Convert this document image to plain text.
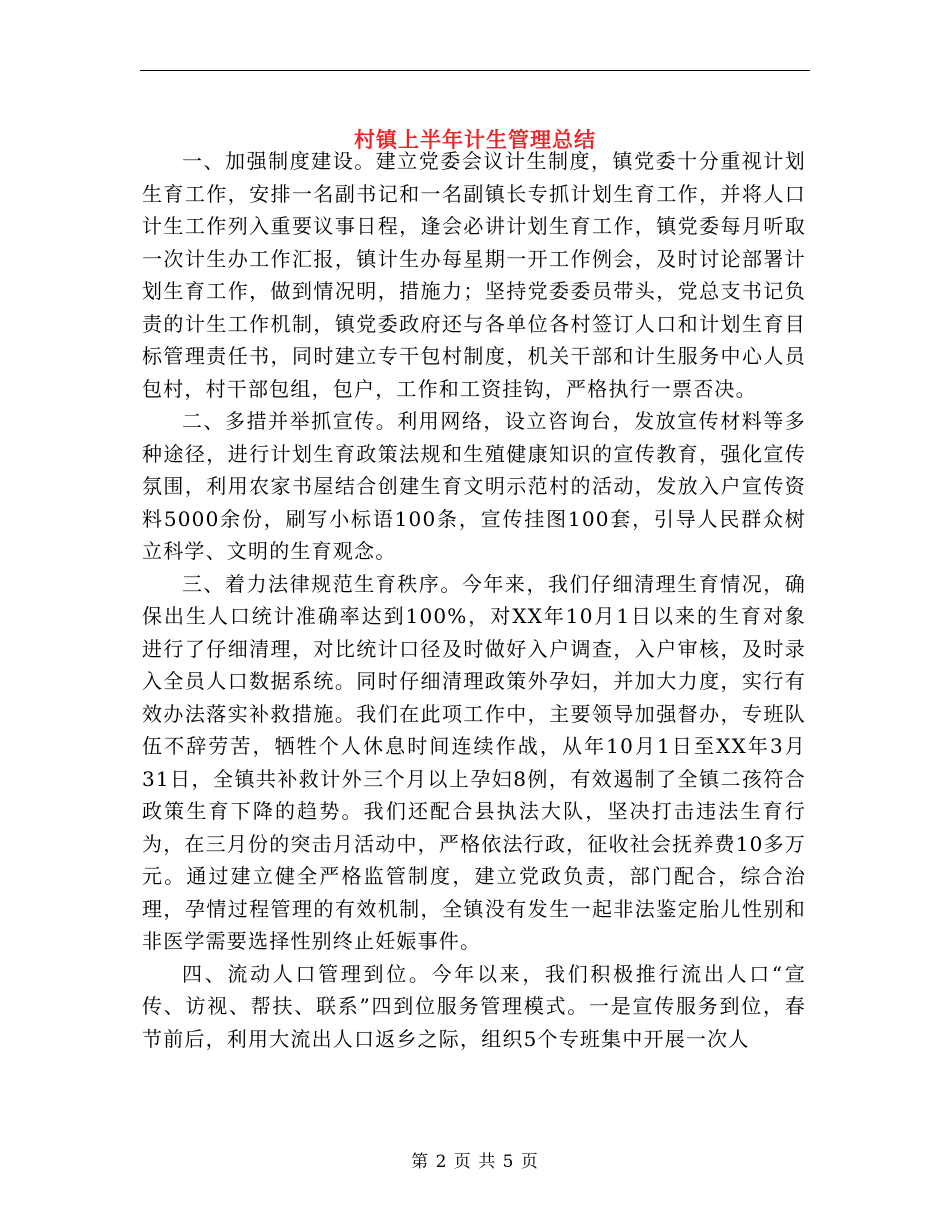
村镇上半年计生管理总结

一、加强制度建设。建立党委会议计生制度，镇党委十分重视计划生育工作，安排一名副书记和一名副镇长专抓计划生育工作，并将人口计生工作列入重要议事日程，逢会必讲计划生育工作，镇党委每月听取一次计生办工作汇报，镇计生办每星期一开工作例会，及时讨论部署计划生育工作，做到情况明，措施力；坚持党委委员带头，党总支书记负责的计生工作机制，镇党委政府还与各单位各村签订人口和计划生育目标管理责任书，同时建立专干包村制度，机关干部和计生服务中心人员包村，村干部包组，包户，工作和工资挂钩，严格执行一票否决。

二、多措并举抓宣传。利用网络，设立咨询台，发放宣传材料等多种途径，进行计划生育政策法规和生殖健康知识的宣传教育，强化宣传氛围，利用农家书屋结合创建生育文明示范村的活动，发放入户宣传资料5000余份，刷写小标语100条，宣传挂图100套，引导人民群众树立科学、文明的生育观念。

三、着力法律规范生育秩序。今年来，我们仔细清理生育情况，确保出生人口统计准确率达到100%，对XX年10月1日以来的生育对象进行了仔细清理，对比统计口径及时做好入户调查，入户审核，及时录入全员人口数据系统。同时仔细清理政策外孕妇，并加大力度，实行有效办法落实补救措施。我们在此项工作中，主要领导加强督办，专班队伍不辞劳苦，牺牲个人休息时间连续作战，从年10月1日至XX年3月31日，全镇共补救计外三个月以上孕妇8例，有效遏制了全镇二孩符合政策生育下降的趋势。我们还配合县执法大队，坚决打击违法生育行为，在三月份的突击月活动中，严格依法行政，征收社会抚养费10多万元。通过建立健全严格监管制度，建立党政负责，部门配合，综合治理，孕情过程管理的有效机制，全镇没有发生一起非法鉴定胎儿性别和非医学需要选择性别终止妊娠事件。

四、流动人口管理到位。今年以来，我们积极推行流出人口“宣传、访视、帮扶、联系”四到位服务管理模式。一是宣传服务到位，春节前后，利用大流出人口返乡之际，组织5个专班集中开展一次人

第 2 页 共 5 页
